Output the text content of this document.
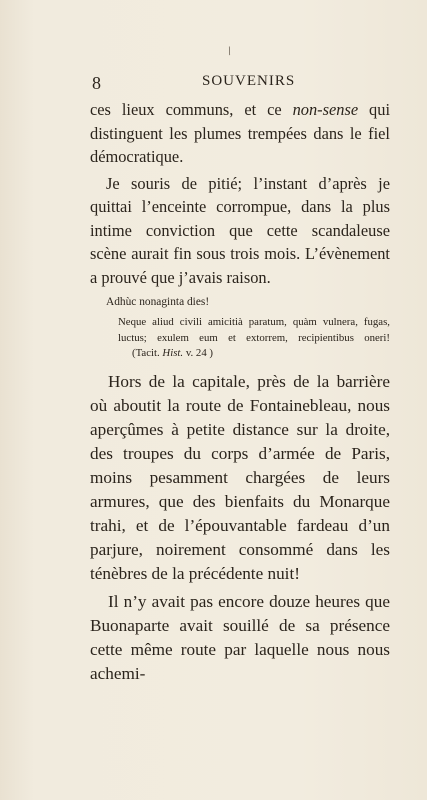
/
8	SOUVENIRS

ces lieux communs, et ce non-sense qui distinguent les plumes trempées dans le fiel démocratique.

Je souris de pitié; l’instant d’après je quittai l’enceinte corrompue, dans la plus intime conviction que cette scandaleuse scène aurait fin sous trois mois. L’évènement a prouvé que j’avais raison.

Adhùc nonaginta dies!
Neque aliud civili amicitià paratum, quàm vulnera, fugas, luctus; exulem eum et extorrem, recipientibus oneri! (Tacit. Hist. v. 24 )

Hors de la capitale, près de la barrière où aboutit la route de Fontainebleau, nous aperçûmes à petite distance sur la droite, des troupes du corps d’armée de Paris, moins pesamment chargées de leurs armures, que des bienfaits du Monarque trahi, et de l’épouvantable fardeau d’un parjure, noirement consommé dans les ténèbres de la précédente nuit!

Il n’y avait pas encore douze heures que Buonaparte avait souillé de sa présence cette même route par laquelle nous nous achemi-
